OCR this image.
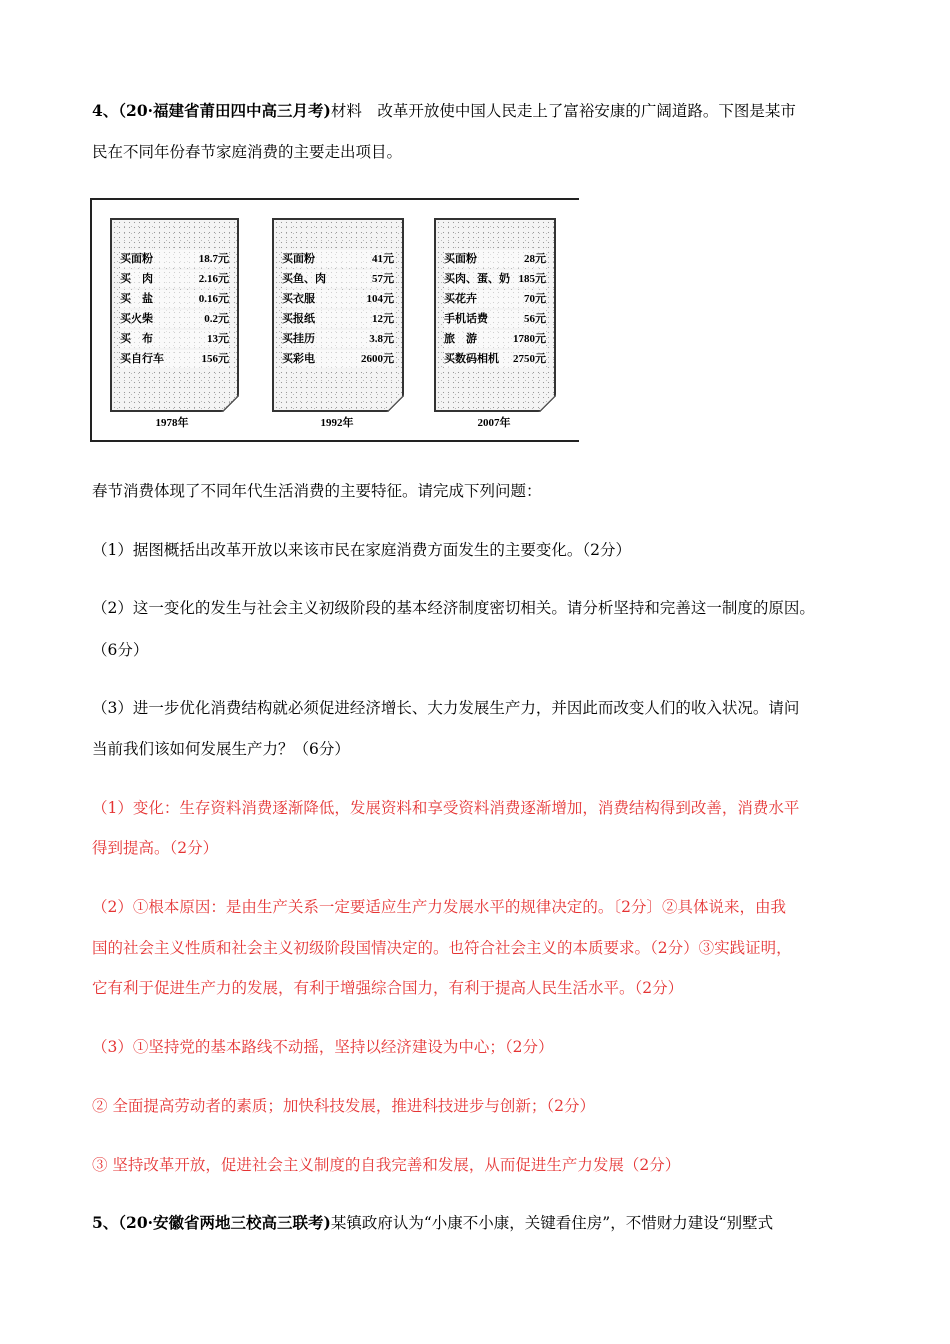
4、（20·福建省莆田四中高三月考)材料　改革开放使中国人民走上了富裕安康的广阔道路。下图是某市
民在不同年份春节家庭消费的主要走出项目。
买面粉	18.7元
买　肉	2.16元
买　盐	0.16元
买火柴	0.2元
买　布	13元
买自行车	156元
买面粉	41元
买鱼、肉	57元
买衣服	104元
买报纸	12元
买挂历	3.8元
买彩电	2600元
买面粉	28元
买肉、蛋、奶 185元
买花卉	70元
手机话费	56元
旅　游	1780元
买数码相机 2750元
1978年	1992年	2007年
春节消费体现了不同年代生活消费的主要特征。请完成下列问题：
（1）据图概括出改革开放以来该市民在家庭消费方面发生的主要变化。（2分）
（2）这一变化的发生与社会主义初级阶段的基本经济制度密切相关。请分析坚持和完善这一制度的原因。
（6分）
（3）进一步优化消费结构就必须促进经济增长、大力发展生产力，并因此而改变人们的收入状况。请问
当前我们该如何发展生产力？（6分）
（1）变化：生存资料消费逐渐降低，发展资料和享受资料消费逐渐增加，消费结构得到改善，消费水平
得到提高。（2分）
（2）①根本原因：是由生产关系一定要适应生产力发展水平的规律决定的。〔2分〕②具体说来，由我
国的社会主义性质和社会主义初级阶段国情决定的。也符合社会主义的本质要求。（2分）③实践证明，
它有利于促进生产力的发展，有利于增强综合国力，有利于提高人民生活水平。（2分）
（3）①坚持党的基本路线不动摇，坚持以经济建设为中心；（2分）
② 全面提高劳动者的素质；加快科技发展，推进科技进步与创新；（2分）
③ 坚持改革开放，促进社会主义制度的自我完善和发展，从而促进生产力发展（2分）
5、（20·安徽省两地三校高三联考)某镇政府认为“小康不小康，关键看住房”，不惜财力建设“别墅式
